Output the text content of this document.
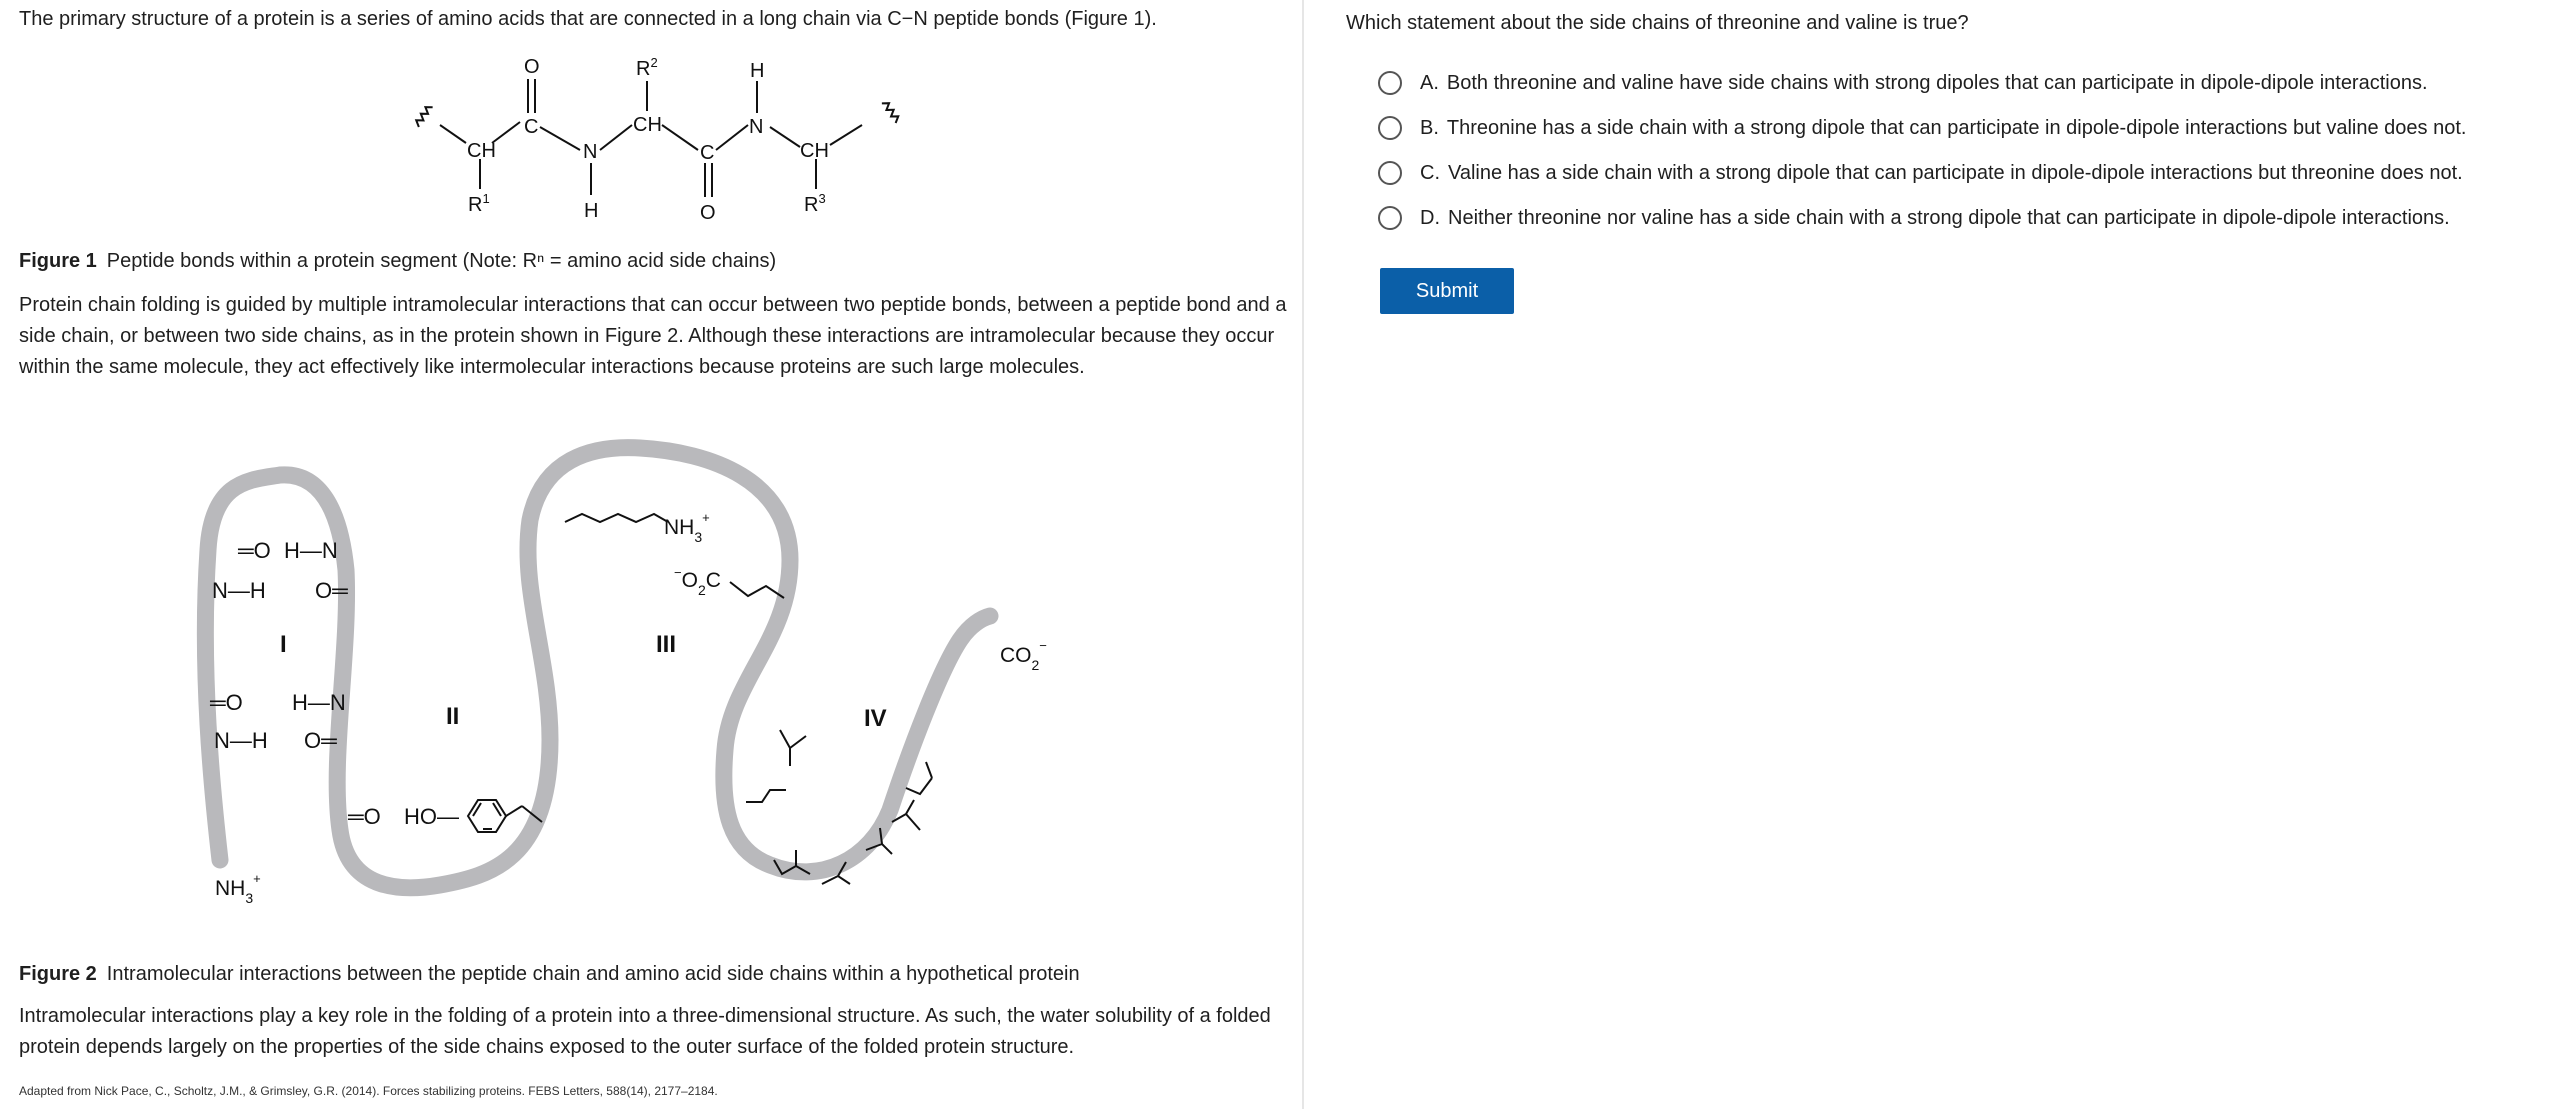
The primary structure of a protein is a series of amino acids that are connected in a long chain via C−N peptide bonds (Figure 1).

O
C
CH
$R^1$
N
H
CH
$R^2$
C
O
N
H
CH
$R^3$

Figure 1 Peptide bonds within a protein segment (Note: Rⁿ = amino acid side chains)

Protein chain folding is guided by multiple intramolecular interactions that can occur between two peptide bonds, between a peptide bond and a side chain, or between two side chains, as in the protein shown in Figure 2. Although these interactions are intramolecular because they occur within the same molecule, they act effectively like intermolecular interactions because proteins are such large molecules.

═O H—N
N—H O═
I
═O H—N
N—H O═
$NH_3^+$
II
═O HO—
$NH_3^+$
$^-O_2C$
III
IV
$CO_2^-$

Figure 2 Intramolecular interactions between the peptide chain and amino acid side chains within a hypothetical protein

Intramolecular interactions play a key role in the folding of a protein into a three-dimensional structure. As such, the water solubility of a folded protein depends largely on the properties of the side chains exposed to the outer surface of the folded protein structure.

Adapted from Nick Pace, C., Scholtz, J.M., & Grimsley, G.R. (2014). Forces stabilizing proteins. FEBS Letters, 588(14), 2177–2184.

Which statement about the side chains of threonine and valine is true?

A. Both threonine and valine have side chains with strong dipoles that can participate in dipole-dipole interactions.
B. Threonine has a side chain with a strong dipole that can participate in dipole-dipole interactions but valine does not.
C. Valine has a side chain with a strong dipole that can participate in dipole-dipole interactions but threonine does not.
D. Neither threonine nor valine has a side chain with a strong dipole that can participate in dipole-dipole interactions.
Submit
